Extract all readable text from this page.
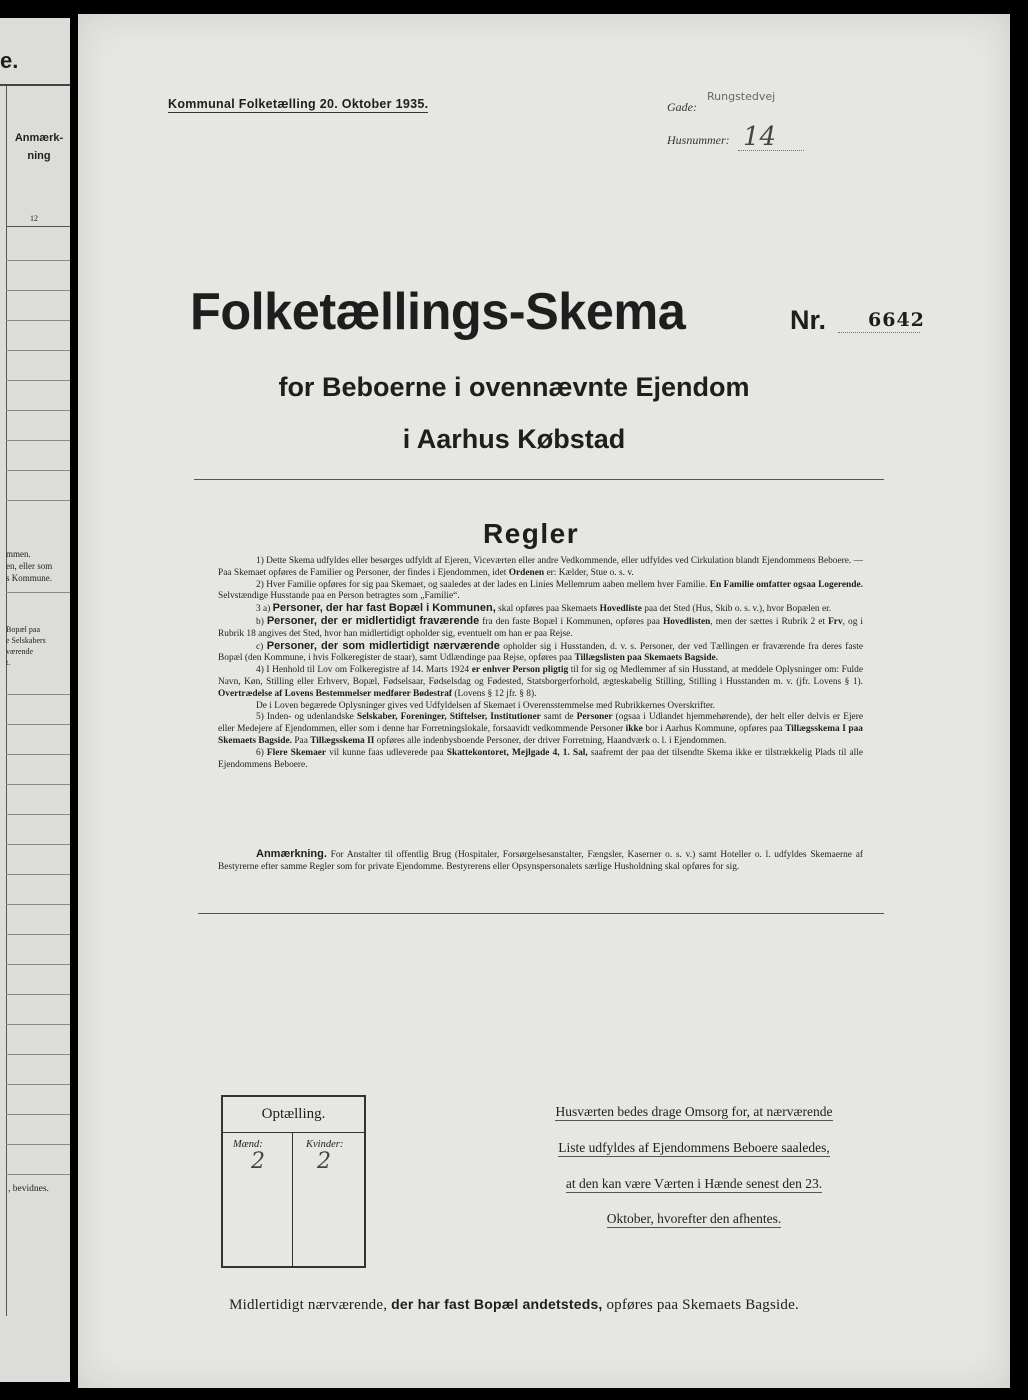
e.
Anmærk-
ning
12
mmen.
en, eller som
s Kommune.
Bopæl paa
e Selskabers
værende
t.
, bevidnes.
Kommunal Folketælling 20. Oktober 1935.	Gade:
Rungstedvej
Husnummer: 14
Folketællings-Skema	Nr. 6642
for Beboerne i ovennævnte Ejendom
i Aarhus Købstad
Regler

1) Dette Skema udfyldes eller besørges udfyldt af Ejeren, Viceværten eller andre Vedkommende, eller udfyldes ved Cirkulation blandt Ejendommens Beboere. — Paa Skemaet opføres de Familier og Personer, der findes i Ejendommen, idet Ordenen er: Kælder, Stue o. s. v.

2) Hver Familie opføres for sig paa Skemaet, og saaledes at der lades en Linies Mellemrum aaben mellem hver Familie. En Familie omfatter ogsaa Logerende. Selvstændige Husstande paa en Person betragtes som „Familie“.

3 a) Personer, der har fast Bopæl i Kommunen, skal opføres paa Skemaets Hovedliste paa det Sted (Hus, Skib o. s. v.), hvor Bopælen er.

b) Personer, der er midlertidigt fraværende fra den faste Bopæl i Kommunen, opføres paa Hovedlisten, men der sættes i Rubrik 2 et Frv, og i Rubrik 18 angives det Sted, hvor han midlertidigt opholder sig, eventuelt om han er paa Rejse.

c) Personer, der som midlertidigt nærværende opholder sig i Husstanden, d. v. s. Personer, der ved Tællingen er fraværende fra deres faste Bopæl (den Kommune, i hvis Folkeregister de staar), samt Udlændinge paa Rejse, opføres paa Tillægslisten paa Skemaets Bagside.

4) I Henhold til Lov om Folkeregistre af 14. Marts 1924 er enhver Person pligtig til for sig og Medlemmer af sin Husstand, at meddele Oplysninger om: Fulde Navn, Køn, Stilling eller Erhverv, Bopæl, Fødselsaar, Fødselsdag og Fødested, Statsborgerforhold, ægteskabelig Stilling, Stilling i Husstanden m. v. (jfr. Lovens § 1). Overtrædelse af Lovens Bestemmelser medfører Bødestraf (Lovens § 12 jfr. § 8).

De i Loven begærede Oplysninger gives ved Udfyldelsen af Skemaet i Overensstemmelse med Rubrikkernes Overskrifter.

5) Inden- og udenlandske Selskaber, Foreninger, Stiftelser, Institutioner samt de Personer (ogsaa i Udlandet hjemmehørende), der helt eller delvis er Ejere eller Medejere af Ejendommen, eller som i denne har Forretningslokale, forsaavidt vedkommende Personer ikke bor i Aarhus Kommune, opføres paa Tillægsskema I paa Skemaets Bagside. Paa Tillægsskema II opføres alle indenbysboende Personer, der driver Forretning, Haandværk o. l. i Ejendommen.

6) Flere Skemaer vil kunne faas udleverede paa Skattekontoret, Mejlgade 4, 1. Sal, saafremt der paa det tilsendte Skema ikke er tilstrækkelig Plads til alle Ejendommens Beboere.

Anmærkning. For Anstalter til offentlig Brug (Hospitaler, Forsørgelsesanstalter, Fængsler, Kaserner o. s. v.) samt Hoteller o. l. udfyldes Skemaerne af Bestyrerne efter samme Regler som for private Ejendomme. Bestyrerens eller Opsynspersonalets særlige Husholdning skal opføres for sig.

Optælling.
Mænd:	Kvinder:
2 2
Husværten bedes drage Omsorg for, at nærværende
Liste udfyldes af Ejendommens Beboere saaledes,
at den kan være Værten i Hænde senest den 23.
Oktober, hvorefter den afhentes.
Midlertidigt nærværende, der har fast Bopæl andetsteds, opføres paa Skemaets Bagside.
